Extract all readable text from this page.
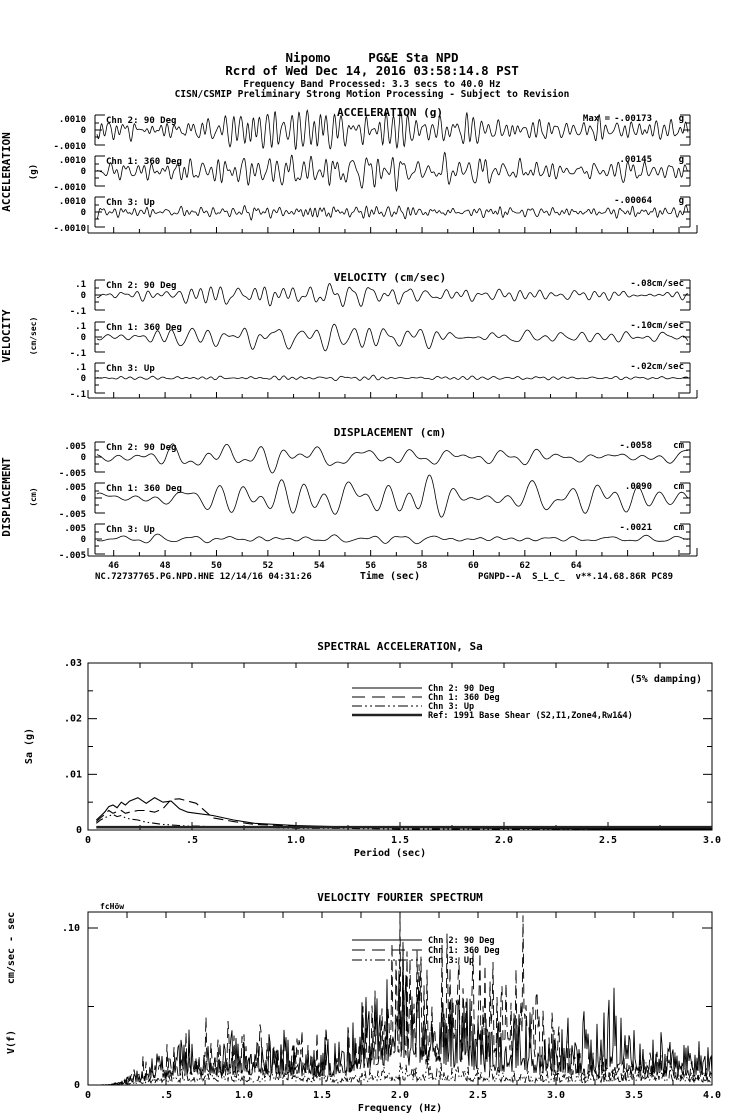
Nipomo     PG&E Sta NPD
Rcrd of Wed Dec 14, 2016 03:58:14.8 PST
Frequency Band Processed: 3.3 secs to 40.0 Hz
CISN/CSMIP Preliminary Strong Motion Processing - Subject to Revision
ACCELERATION (g)
ACCELERATION (g)
VELOCITY (cm/sec)
VELOCITY (cm/sec)
DISPLACEMENT (cm)
DISPLACEMENT (cm)
Time (sec)
NC.72737765.PG.NPD.HNE 12/14/16 04:31:26	PGNPD--A  S_L_C_  v**.14.68.86R PC89
.0010
0
-.0010
Chn 2: 90 Deg	Max = -.00173	g
.0010
0
-.0010
Chn 1: 360 Deg	.00145	g
.0010
0
-.0010
Chn 3: Up	-.00064	g
.1
0
-.1
Chn 2: 90 Deg	-.08 cm/sec
.1
0
-.1
Chn 1: 360 Deg	-.10 cm/sec
.1
0
-.1
Chn 3: Up	-.02 cm/sec
46	48	50	52	54	56	58	60	62	64
.005
0
-.005
Chn 2: 90 Deg	-.0058 cm
.005
0
-.005
Chn 1: 360 Deg	.0090 cm
.005
0
-.005
Chn 3: Up	-.0021 cm
SPECTRAL ACCELERATION, Sa
(5% damping)
Sa (g)
Period (sec)
Chn 2: 90 Deg
Chn 1: 360 Deg
Chn 3: Up
Ref: 1991 Base Shear (S2,I1,Zone4,Rw1&4)
.03
.02
.01
0
0	.5	1.0	1.5	2.0	2.5	3.0
VELOCITY FOURIER SPECTRUM
fcHöw
cm/sec - sec
V(f)
Frequency (Hz)
Chn 2: 90 Deg
Chn 1: 360 Deg
Chn 3: Up
.10
0
0	.5	1.0	1.5	2.0	2.5	3.0	3.5	4.0
